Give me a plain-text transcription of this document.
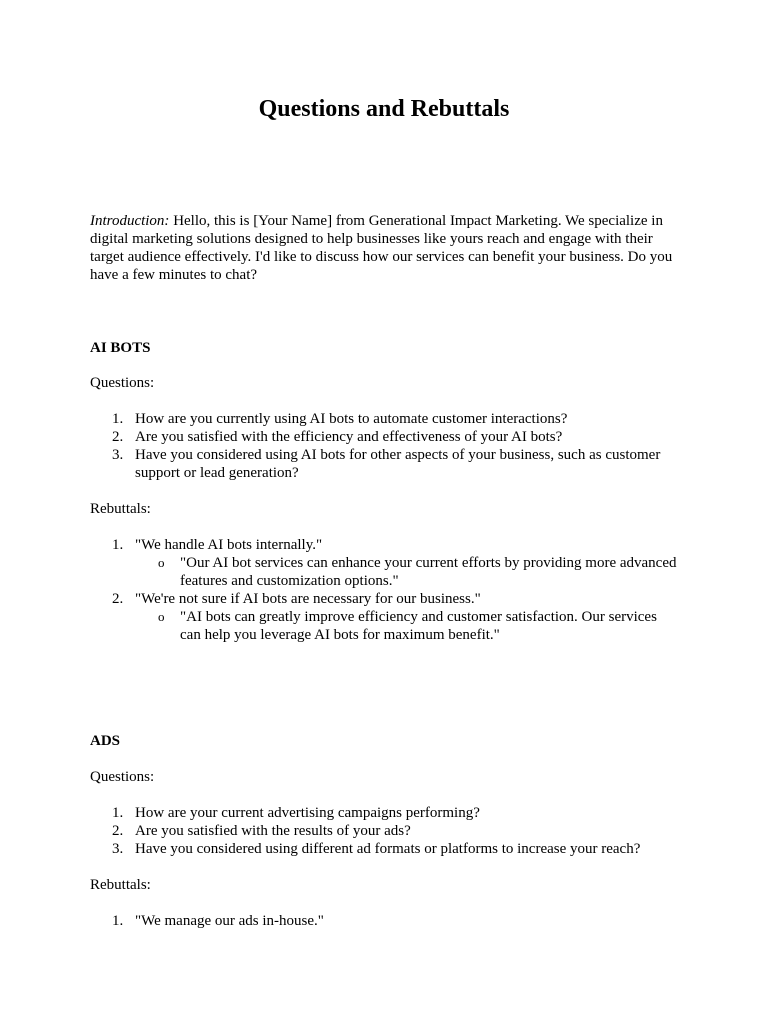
Questions and Rebuttals

Introduction: Hello, this is [Your Name] from Generational Impact Marketing. We specialize in digital marketing solutions designed to help businesses like yours reach and engage with their target audience effectively. I'd like to discuss how our services can benefit your business. Do you have a few minutes to chat?

AI BOTS

Questions:

1. How are you currently using AI bots to automate customer interactions?
2. Are you satisfied with the efficiency and effectiveness of your AI bots?
3. Have you considered using AI bots for other aspects of your business, such as customer support or lead generation?

Rebuttals:

1. "We handle AI bots internally."
o "Our AI bot services can enhance your current efforts by providing more advanced features and customization options."
2. "We're not sure if AI bots are necessary for our business."
o "AI bots can greatly improve efficiency and customer satisfaction. Our services can help you leverage AI bots for maximum benefit."

ADS

Questions:

1. How are your current advertising campaigns performing?
2. Are you satisfied with the results of your ads?
3. Have you considered using different ad formats or platforms to increase your reach?

Rebuttals:

1. "We manage our ads in-house."
